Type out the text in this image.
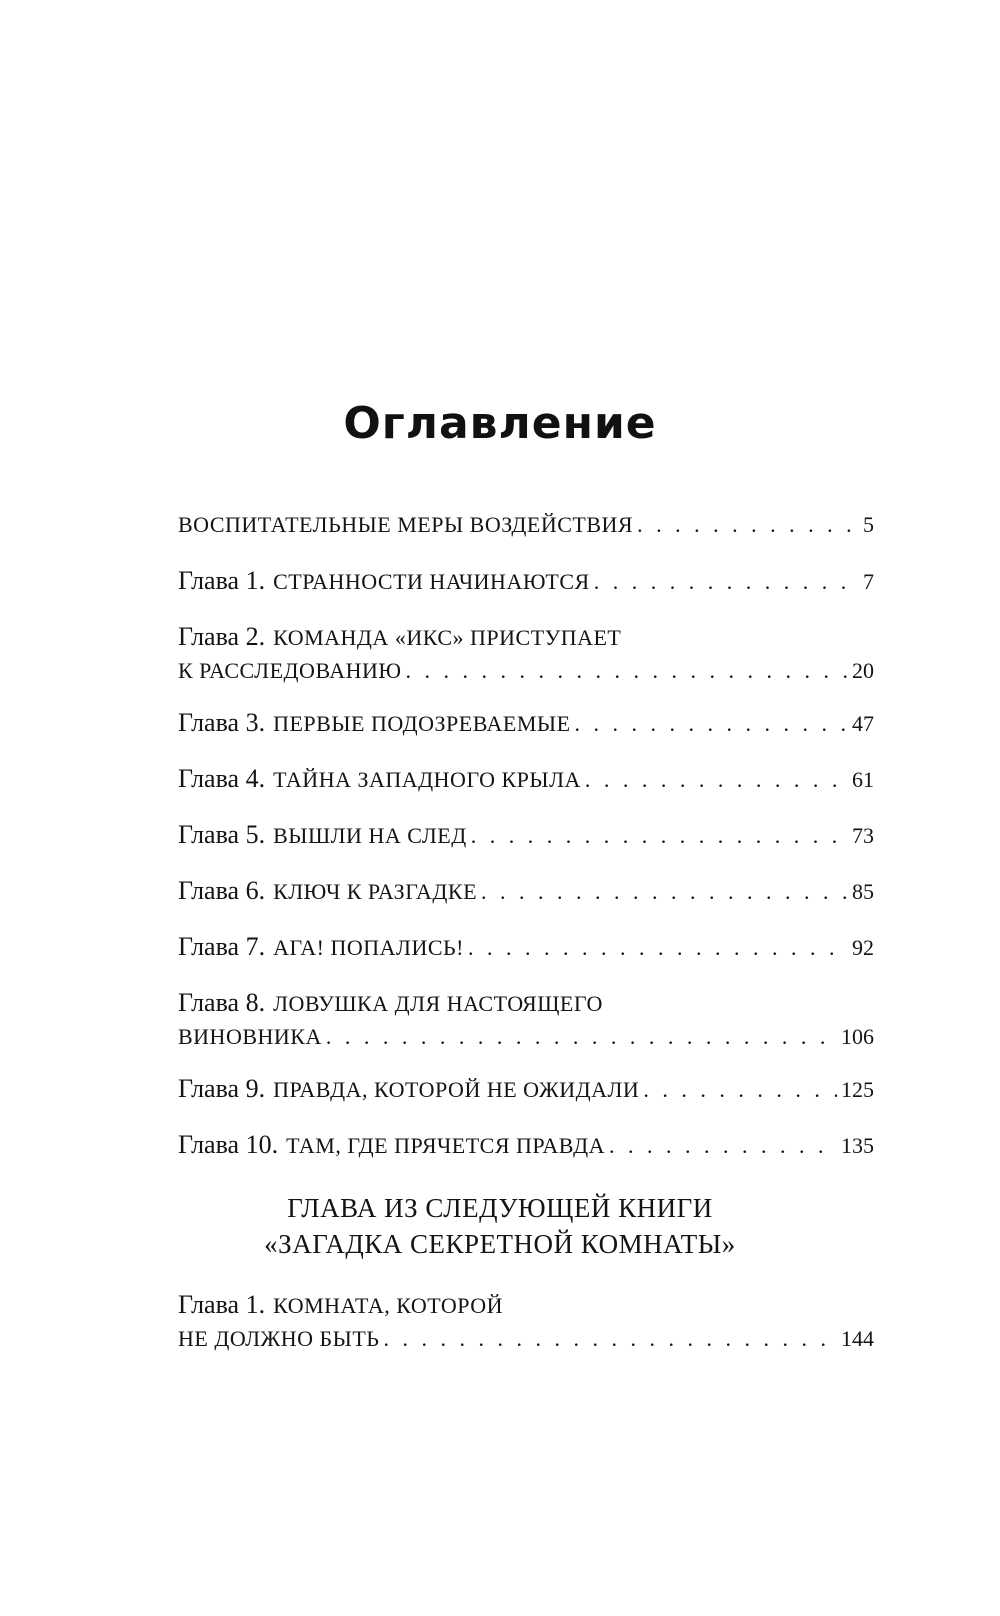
Оглавление
ВОСПИТАТЕЛЬНЫЕ МЕРЫ ВОЗДЕЙСТВИЯ . . .	5
Глава 1. СТРАННОСТИ НАЧИНАЮТСЯ . . .	7
Глава 2. КОМАНДА «ИКС» ПРИСТУПАЕТ
К РАССЛЕДОВАНИЮ . . .	20
Глава 3. ПЕРВЫЕ ПОДОЗРЕВАЕМЫЕ . . .	47
Глава 4. ТАЙНА ЗАПАДНОГО КРЫЛА . . .	61
Глава 5. ВЫШЛИ НА СЛЕД . . .	73
Глава 6. КЛЮЧ К РАЗГАДКЕ . . .	85
Глава 7. АГА! ПОПАЛИСЬ! . . .	92
Глава 8. ЛОВУШКА ДЛЯ НАСТОЯЩЕГО
ВИНОВНИКА . . .	106
Глава 9. ПРАВДА, КОТОРОЙ НЕ ОЖИДАЛИ . . .	125
Глава 10. ТАМ, ГДЕ ПРЯЧЕТСЯ ПРАВДА . . .	135
Глава 1. КОМНАТА, КОТОРОЙ
НЕ ДОЛЖНО БЫТЬ . . .	144
ГЛАВА ИЗ СЛЕДУЮЩЕЙ КНИГИ
«ЗАГАДКА СЕКРЕТНОЙ КОМНАТЫ»
